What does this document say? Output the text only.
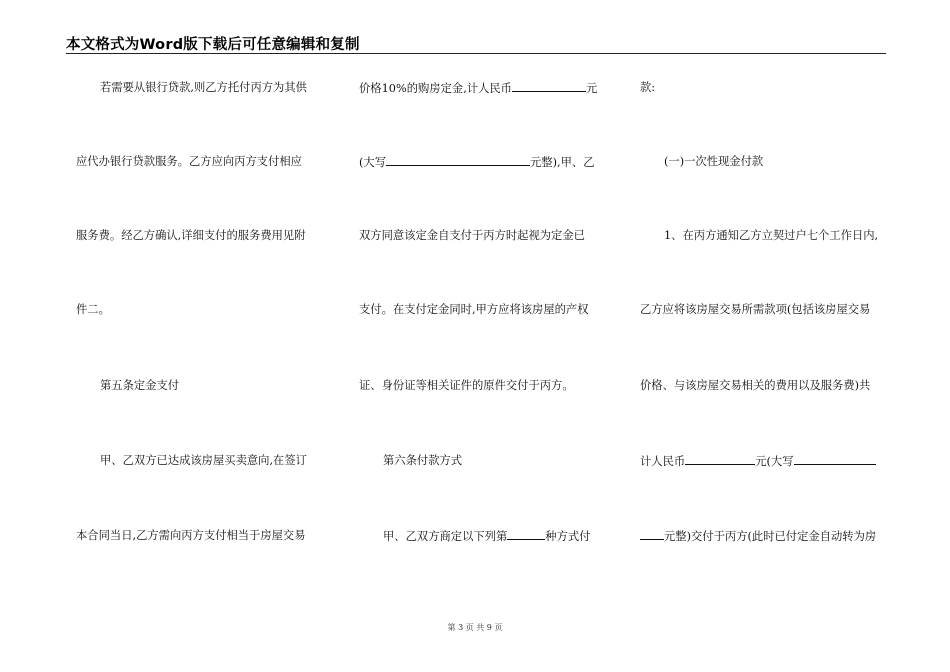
本文格式为Word版下载后可任意编辑和复制
若需要从银行贷款,则乙方托付丙方为其供
应代办银行贷款服务。乙方应向丙方支付相应
服务费。经乙方确认,详细支付的服务费用见附
件二。
第五条定金支付
甲、乙双方已达成该房屋买卖意向,在签订
本合同当日,乙方需向丙方支付相当于房屋交易
价格10%的购房定金,计人民币	元
(大写	元整),甲、乙
双方同意该定金自支付于丙方时起视为定金已
支付。在支付定金同时,甲方应将该房屋的产权
证、身份证等相关证件的原件交付于丙方。
第六条付款方式
甲、乙双方商定以下列第	种方式付
款:
(一)一次性现金付款
1、在丙方通知乙方立契过户七个工作日内,
乙方应将该房屋交易所需款项(包括该房屋交易
价格、与该房屋交易相关的费用以及服务费)共
计人民币	元(大写
元整)交付于丙方(此时已付定金自动转为房
第 3 页 共 9 页
